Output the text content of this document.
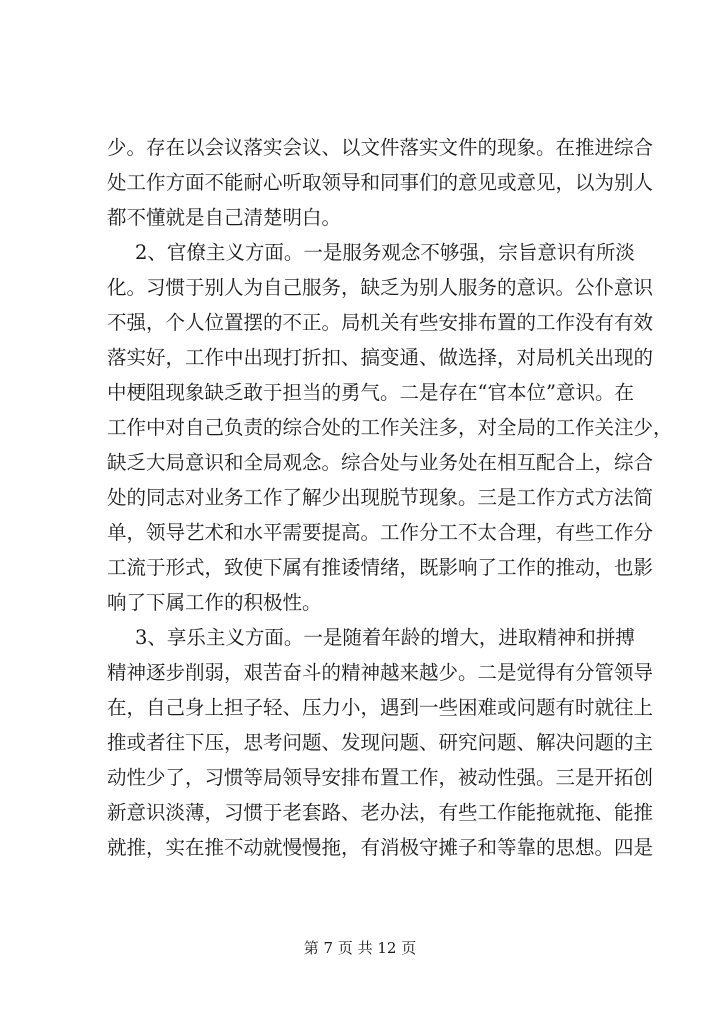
少。存在以会议落实会议、以文件落实文件的现象。在推进综合
处工作方面不能耐心听取领导和同事们的意见或意见，以为别人
都不懂就是自己清楚明白。
2、官僚主义方面。一是服务观念不够强，宗旨意识有所淡
化。习惯于别人为自己服务，缺乏为别人服务的意识。公仆意识
不强，个人位置摆的不正。局机关有些安排布置的工作没有有效
落实好，工作中出现打折扣、搞变通、做选择，对局机关出现的
中梗阻现象缺乏敢于担当的勇气。二是存在“官本位”意识。在
工作中对自己负责的综合处的工作关注多，对全局的工作关注少，
缺乏大局意识和全局观念。综合处与业务处在相互配合上，综合
处的同志对业务工作了解少出现脱节现象。三是工作方式方法简
单，领导艺术和水平需要提高。工作分工不太合理，有些工作分
工流于形式，致使下属有推诿情绪，既影响了工作的推动，也影
响了下属工作的积极性。
3、享乐主义方面。一是随着年龄的增大，进取精神和拼搏
精神逐步削弱，艰苦奋斗的精神越来越少。二是觉得有分管领导
在，自己身上担子轻、压力小，遇到一些困难或问题有时就往上
推或者往下压，思考问题、发现问题、研究问题、解决问题的主
动性少了，习惯等局领导安排布置工作，被动性强。三是开拓创
新意识淡薄，习惯于老套路、老办法，有些工作能拖就拖、能推
就推，实在推不动就慢慢拖，有消极守摊子和等靠的思想。四是
第 7 页 共 12 页
